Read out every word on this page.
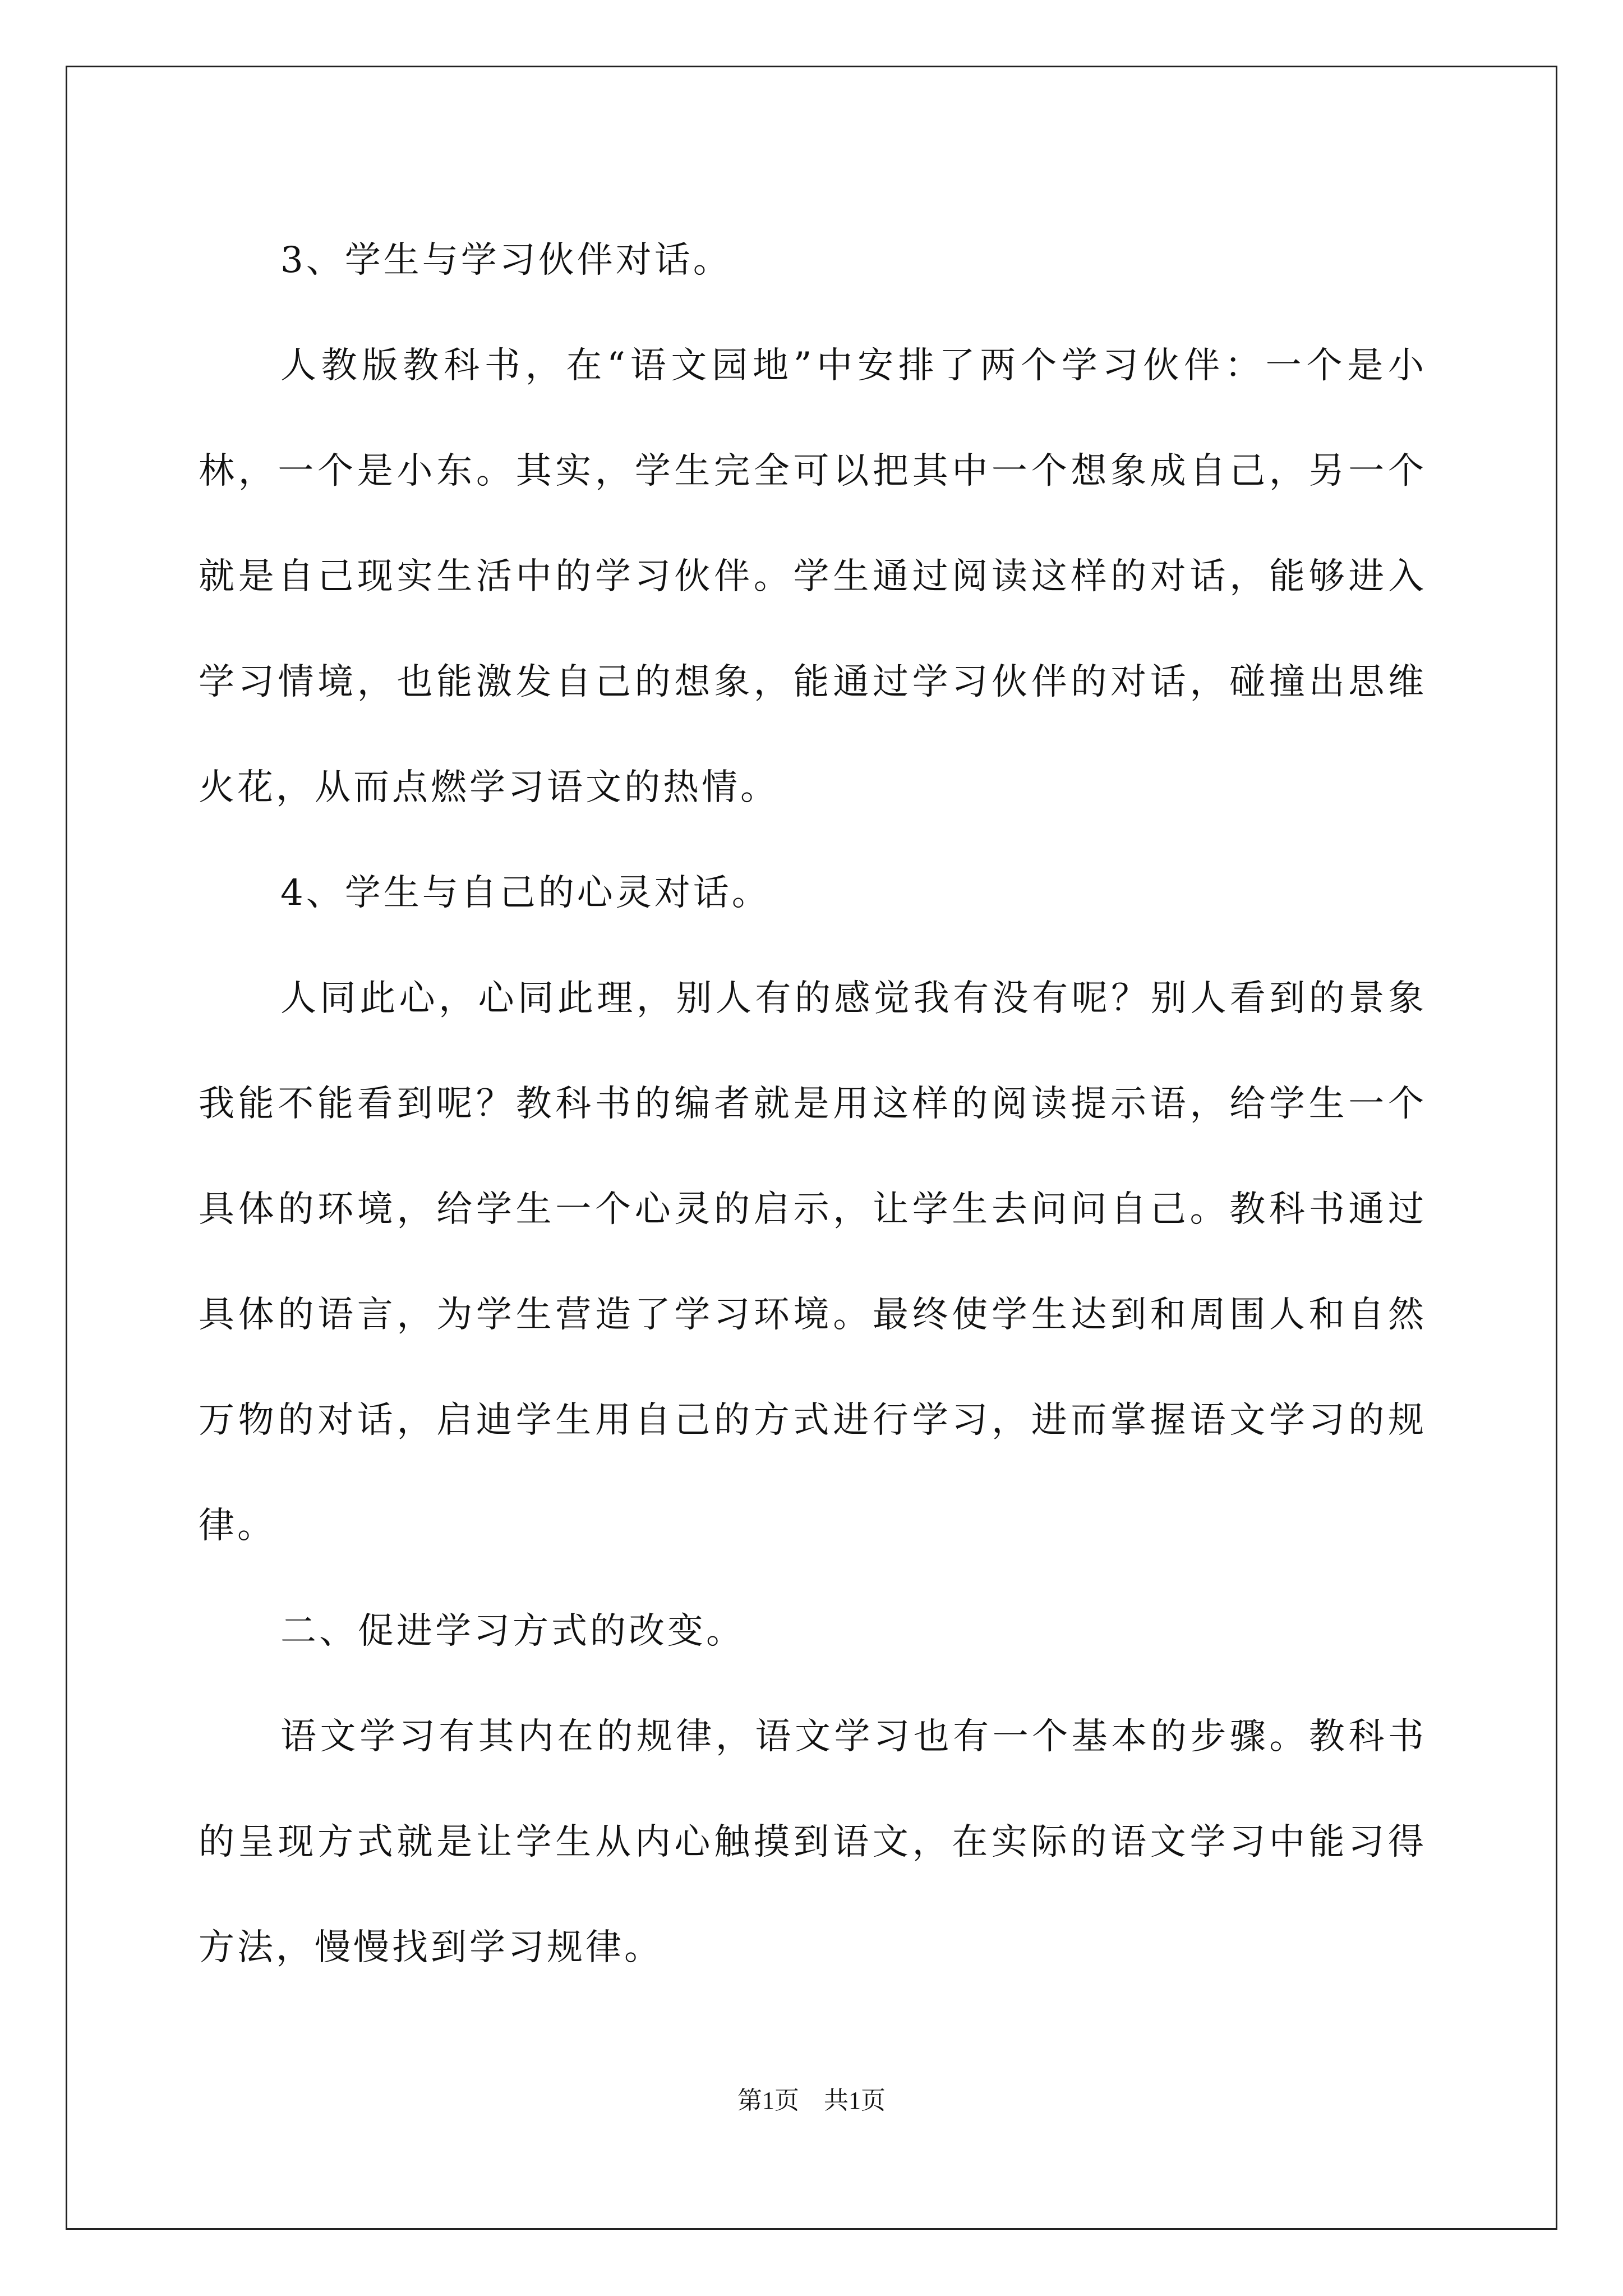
3、学生与学习伙伴对话。

人教版教科书，在“语文园地”中安排了两个学习伙伴：一个是小林，一个是小东。其实，学生完全可以把其中一个想象成自己，另一个就是自己现实生活中的学习伙伴。学生通过阅读这样的对话，能够进入学习情境，也能激发自己的想象，能通过学习伙伴的对话，碰撞出思维火花，从而点燃学习语文的热情。

4、学生与自己的心灵对话。

人同此心，心同此理，别人有的感觉我有没有呢？别人看到的景象我能不能看到呢？教科书的编者就是用这样的阅读提示语，给学生一个具体的环境，给学生一个心灵的启示，让学生去问问自己。教科书通过具体的语言，为学生营造了学习环境。最终使学生达到和周围人和自然万物的对话，启迪学生用自己的方式进行学习，进而掌握语文学习的规律。

二、促进学习方式的改变。

语文学习有其内在的规律，语文学习也有一个基本的步骤。教科书的呈现方式就是让学生从内心触摸到语文，在实际的语文学习中能习得方法，慢慢找到学习规律。

第1页　共1页
